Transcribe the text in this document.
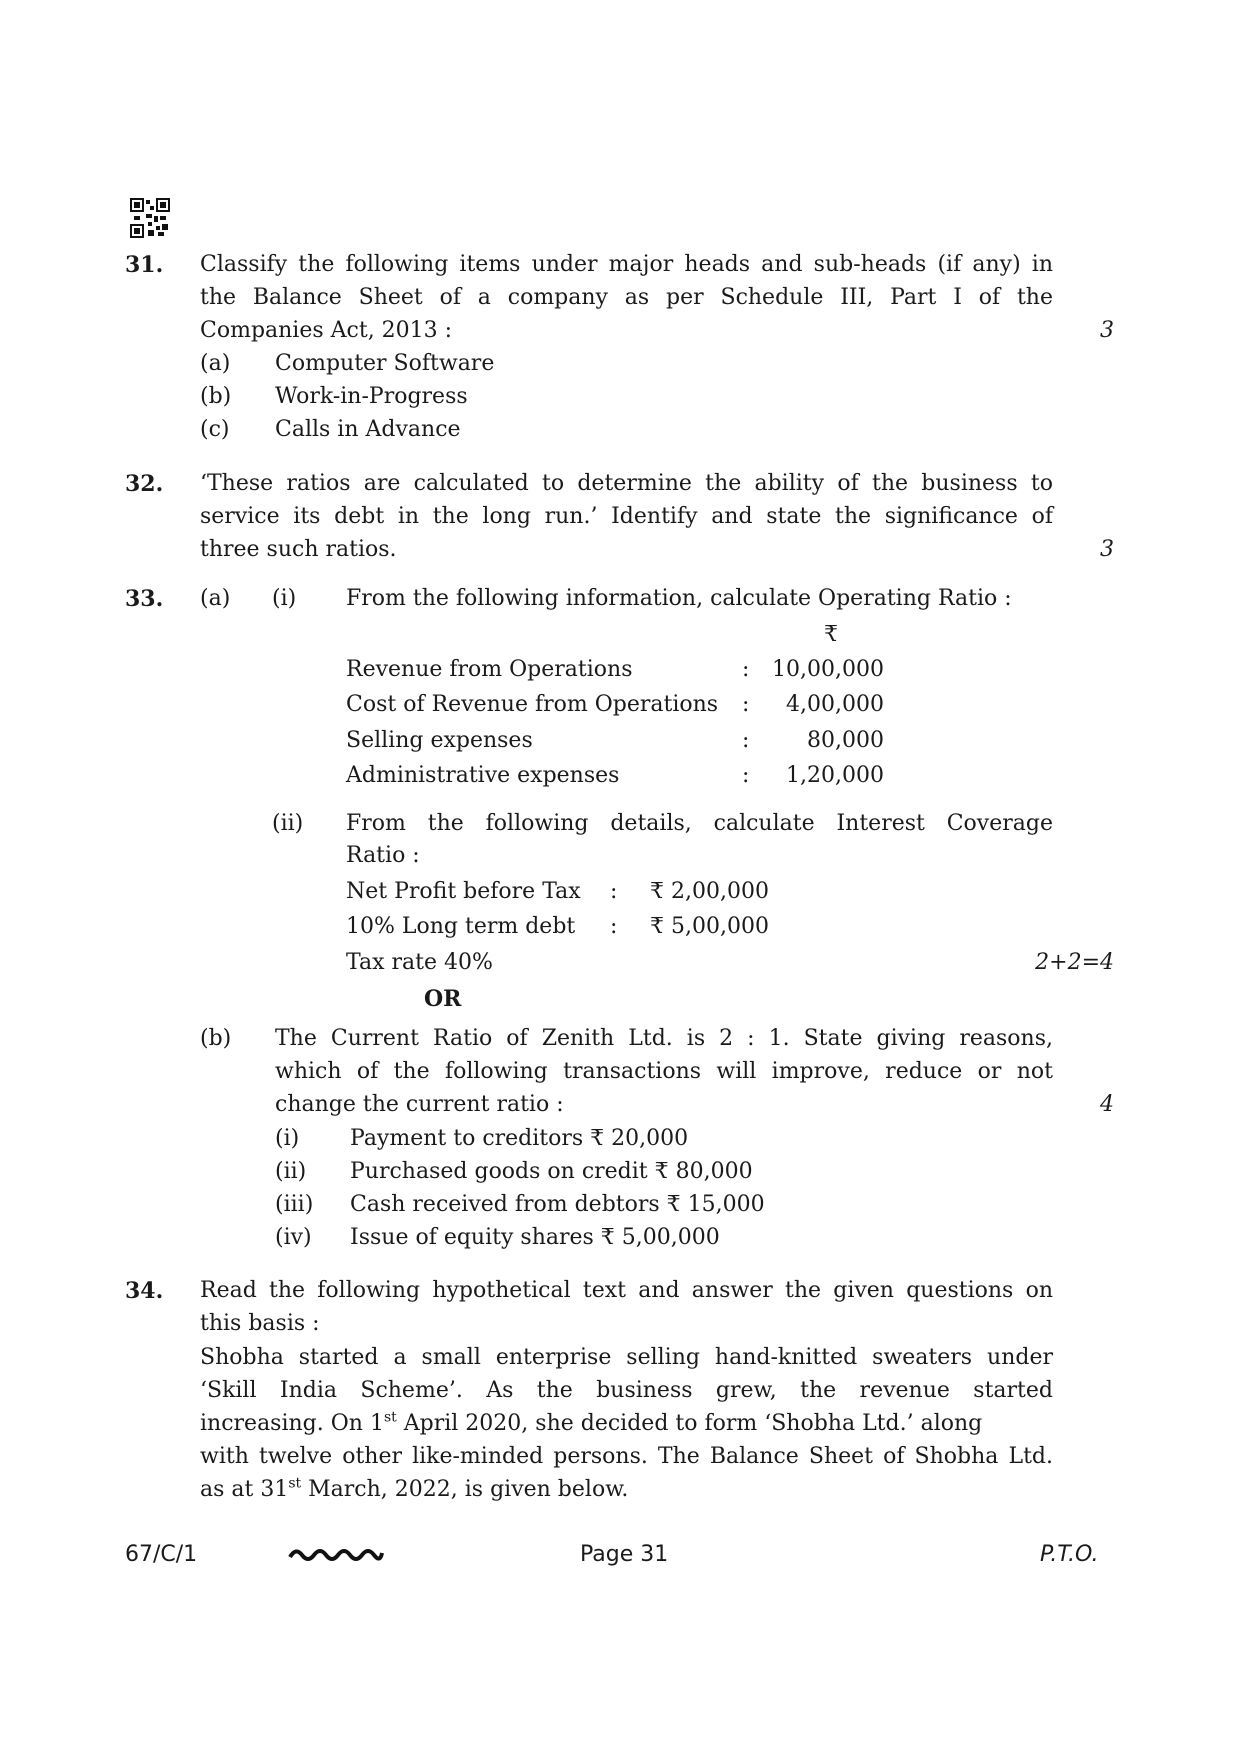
31. Classify the following items under major heads and sub-heads (if any) in
the Balance Sheet of a company as per Schedule III, Part I of the
Companies Act, 2013 :	3
(a) Computer Software
(b) Work-in-Progress
(c) Calls in Advance
32. ‘These ratios are calculated to determine the ability of the business to
service its debt in the long run.’ Identify and state the significance of
three such ratios.	3
33. (a) (i) From the following information, calculate Operating Ratio :
₹
Revenue from Operations	:	10,00,000
Cost of Revenue from Operations :	4,00,000
Selling expenses	:	80,000
Administrative expenses	:	1,20,000
(ii) From the following details, calculate Interest Coverage
Ratio :
Net Profit before Tax : ₹ 2,00,000
10% Long term debt : ₹ 5,00,000
Tax rate 40%	2+2=4
OR
(b) The Current Ratio of Zenith Ltd. is 2 : 1. State giving reasons,
which of the following transactions will improve, reduce or not
change the current ratio :	4
(i) Payment to creditors ₹ 20,000
(ii) Purchased goods on credit ₹ 80,000
(iii) Cash received from debtors ₹ 15,000
(iv) Issue of equity shares ₹ 5,00,000
34. Read the following hypothetical text and answer the given questions on
this basis :
Shobha started a small enterprise selling hand-knitted sweaters under
‘Skill India Scheme’. As the business grew, the revenue started
increasing. On 1st April 2020, she decided to form ‘Shobha Ltd.’ along
with twelve other like-minded persons. The Balance Sheet of Shobha Ltd.
as at 31st March, 2022, is given below.
67/C/1	Page 31	P.T.O.
